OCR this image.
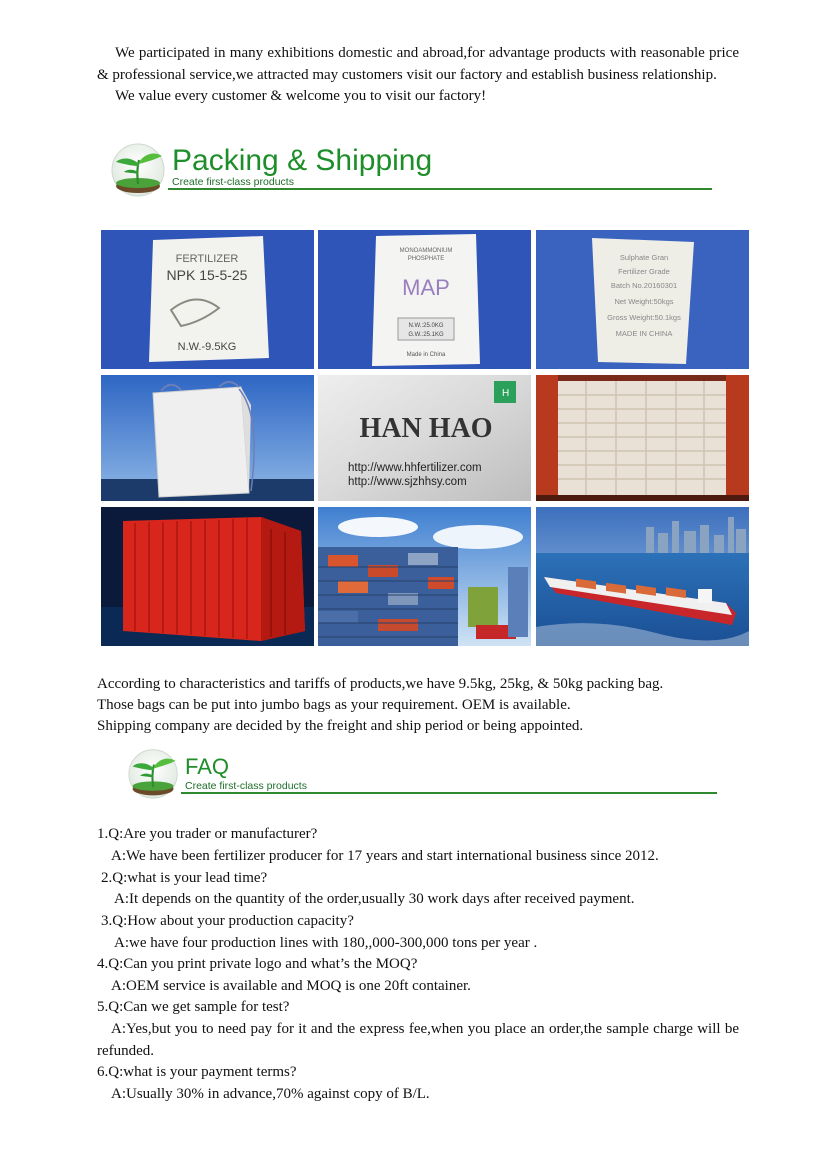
We participated in many exhibitions domestic and abroad,for advantage products with reasonable price & professional service,we attracted may customers visit our factory and establish business relationship.
We value every customer & welcome you to visit our factory!
Packing & Shipping
Create first-class products
FERTILIZER
NPK 15-5-25
N.W.-9.5KG
MONOAMMONIUM
PHOSPHATE
MAP
N.W.:25.0KG
G.W.:25.1KG
Made in China
Sulphate Gran
Fertilizer Grade
Batch No.20160301
Net Weight:50kgs
Gross Weight:50.1kgs
MADE IN CHINA
H
HAN HAO
http://www.hhfertilizer.com
http://www.sjzhhsy.com
According to characteristics and tariffs of products,we have 9.5kg, 25kg, & 50kg packing bag.
Those bags can be put into jumbo bags as your requirement. OEM is available.
Shipping company are decided by the freight and ship period or being appointed.
FAQ
Create first-class products
1.Q:Are you trader or manufacturer?
A:We have been fertilizer producer for 17 years and start international business since 2012.
2.Q:what is your lead time?
A:It depends on the quantity of the order,usually 30 work days after received payment.
3.Q:How about your production capacity?
A:we have four production lines with 180,,000-300,000 tons per year .
4.Q:Can you print private logo and what’s the MOQ?
A:OEM service is available and MOQ is one 20ft container.
5.Q:Can we get sample for test?
A:Yes,but you to need pay for it and the express fee,when you place an order,the sample charge will be refunded.
6.Q:what is your payment terms?
A:Usually 30% in advance,70% against copy of B/L.
